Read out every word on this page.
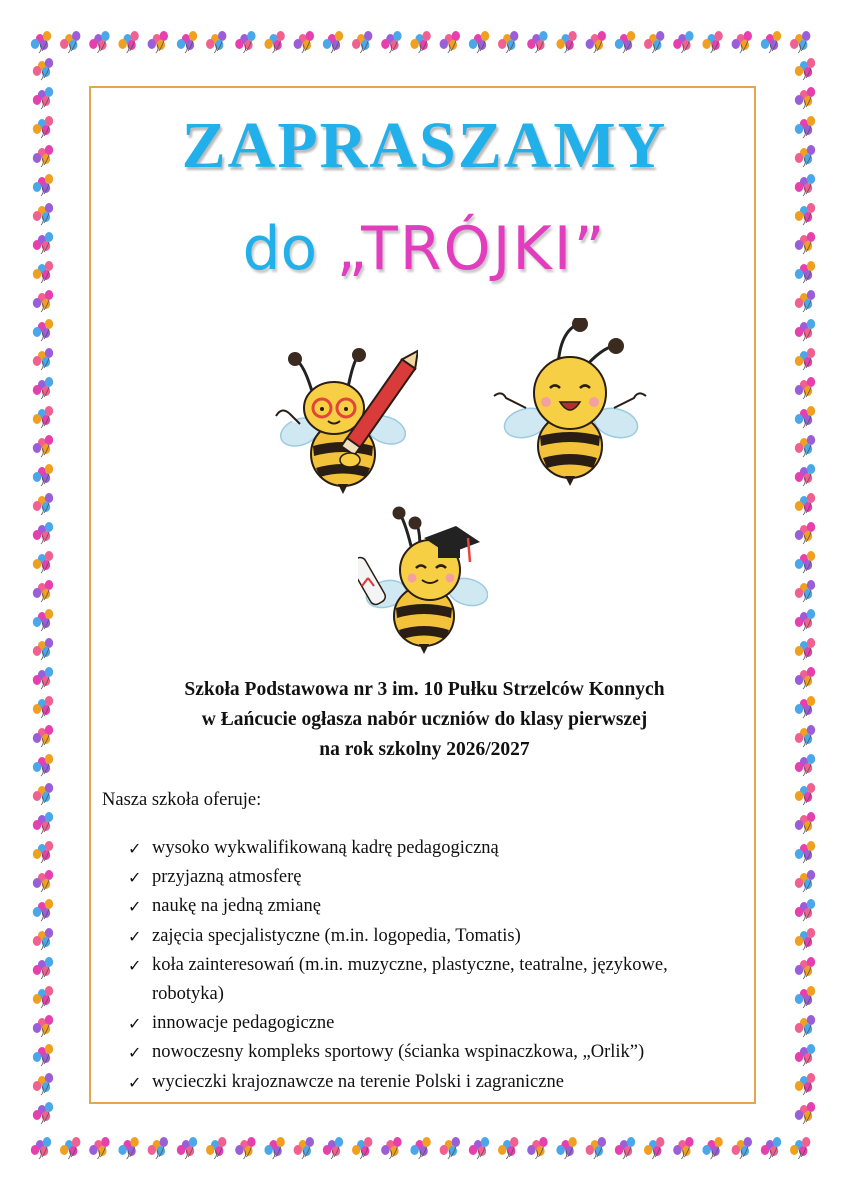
ZAPRASZAMY
do „TRÓJKI”
Szkoła Podstawowa nr 3 im. 10 Pułku Strzelców Konnych
w Łańcucie ogłasza nabór uczniów do klasy pierwszej
na rok szkolny 2026/2027
Nasza szkoła oferuje:
✓ wysoko wykwalifikowaną kadrę pedagogiczną
✓ przyjazną atmosferę
✓ naukę na jedną zmianę
✓ zajęcia specjalistyczne (m.in. logopedia, Tomatis)
✓ koła zainteresowań (m.in. muzyczne, plastyczne, teatralne, językowe,
robotyka)
✓ innowacje pedagogiczne
✓ nowoczesny kompleks sportowy (ścianka wspinaczkowa, „Orlik”)
✓ wycieczki krajoznawcze na terenie Polski i zagraniczne
